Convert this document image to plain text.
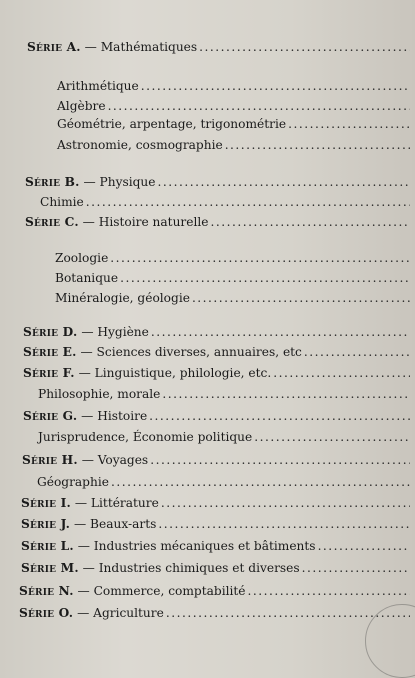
Série A. — Mathématiques
.....
Arithmétique
.....
Algèbre
.....
Géométrie, arpentage, trigonométrie
.....
Astronomie, cosmographie
.....
Série B. — Physique
.....
Chimie
.....
Série C. — Histoire naturelle
.....
Zoologie
.....
Botanique
.....
Minéralogie, géologie
.....
Série D. — Hygiène
.....
Série E. — Sciences diverses, annuaires, etc
.....
Série F. — Linguistique, philologie, etc.
.....
Philosophie, morale
.....
Série G. — Histoire
.....
Jurisprudence, Économie politique
.....
Série H. — Voyages
.....
Géographie
.....
Série I. — Littérature
.....
Série J. — Beaux-arts
.....
Série L. — Industries mécaniques et bâtiments
.....
Série M. — Industries chimiques et diverses
.....
Série N. — Commerce, comptabilité
.....
Série O. — Agriculture
.....
